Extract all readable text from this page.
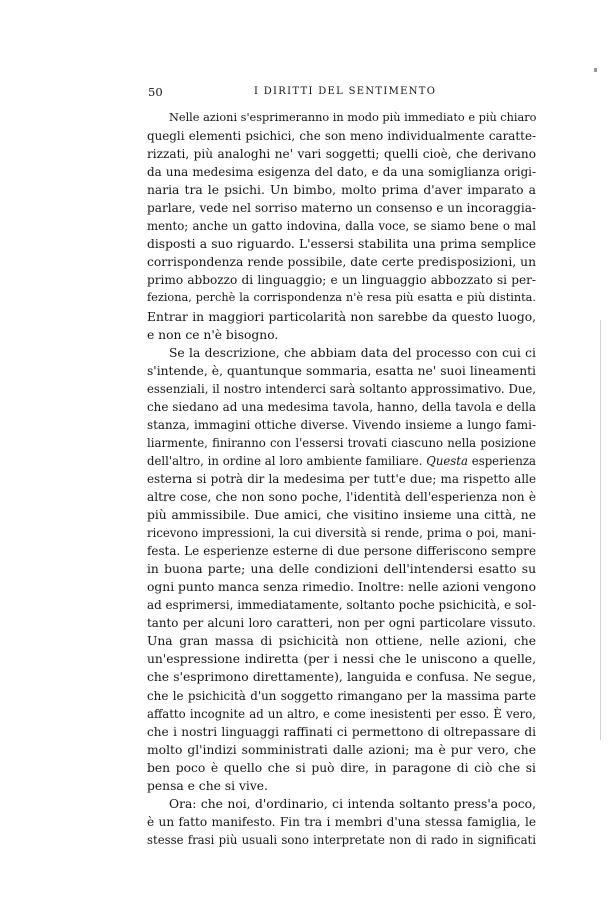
50	I DIRITTI DEL SENTIMENTO
Nelle azioni s'esprimeranno in modo più immediato e più chiaro
quegli elementi psichici, che son meno individualmente caratte-
rizzati, più analoghi ne' vari soggetti; quelli cioè, che derivano
da una medesima esigenza del dato, e da una somiglianza origi-
naria tra le psichi. Un bimbo, molto prima d'aver imparato a
parlare, vede nel sorriso materno un consenso e un incoraggia-
mento; anche un gatto indovina, dalla voce, se siamo bene o mal
disposti a suo riguardo. L'essersi stabilita una prima semplice
corrispondenza rende possibile, date certe predisposizioni, un
primo abbozzo di linguaggio; e un linguaggio abbozzato si per-
feziona, perchè la corrispondenza n'è resa più esatta e più distinta.
Entrar in maggiori particolarità non sarebbe da questo luogo,
e non ce n'è bisogno.
Se la descrizione, che abbiam data del processo con cui ci
s'intende, è, quantunque sommaria, esatta ne' suoi lineamenti
essenziali, il nostro intenderci sarà soltanto approssimativo. Due,
che siedano ad una medesima tavola, hanno, della tavola e della
stanza, immagini ottiche diverse. Vivendo insieme a lungo fami-
liarmente, finiranno con l'essersi trovati ciascuno nella posizione
dell'altro, in ordine al loro ambiente familiare. Questa esperienza
esterna si potrà dir la medesima per tutt'e due; ma rispetto alle
altre cose, che non sono poche, l'identità dell'esperienza non è
più ammissibile. Due amici, che visitino insieme una città, ne
ricevono impressioni, la cui diversità si rende, prima o poi, mani-
festa. Le esperienze esterne di due persone differiscono sempre
in buona parte; una delle condizioni dell'intendersi esatto su
ogni punto manca senza rimedio. Inoltre: nelle azioni vengono
ad esprimersi, immediatamente, soltanto poche psichicità, e sol-
tanto per alcuni loro caratteri, non per ogni particolare vissuto.
Una gran massa di psichicità non ottiene, nelle azioni, che
un'espressione indiretta (per i nessi che le uniscono a quelle,
che s'esprimono direttamente), languida e confusa. Ne segue,
che le psichicità d'un soggetto rimangano per la massima parte
affatto incognite ad un altro, e come inesistenti per esso. È vero,
che i nostri linguaggi raffinati ci permettono di oltrepassare di
molto gl'indizi somministrati dalle azioni; ma è pur vero, che
ben poco è quello che si può dire, in paragone di ciò che si
pensa e che si vive.
Ora: che noi, d'ordinario, ci intenda soltanto press'a poco,
è un fatto manifesto. Fin tra i membri d'una stessa famiglia, le
stesse frasi più usuali sono interpretate non di rado in significati
